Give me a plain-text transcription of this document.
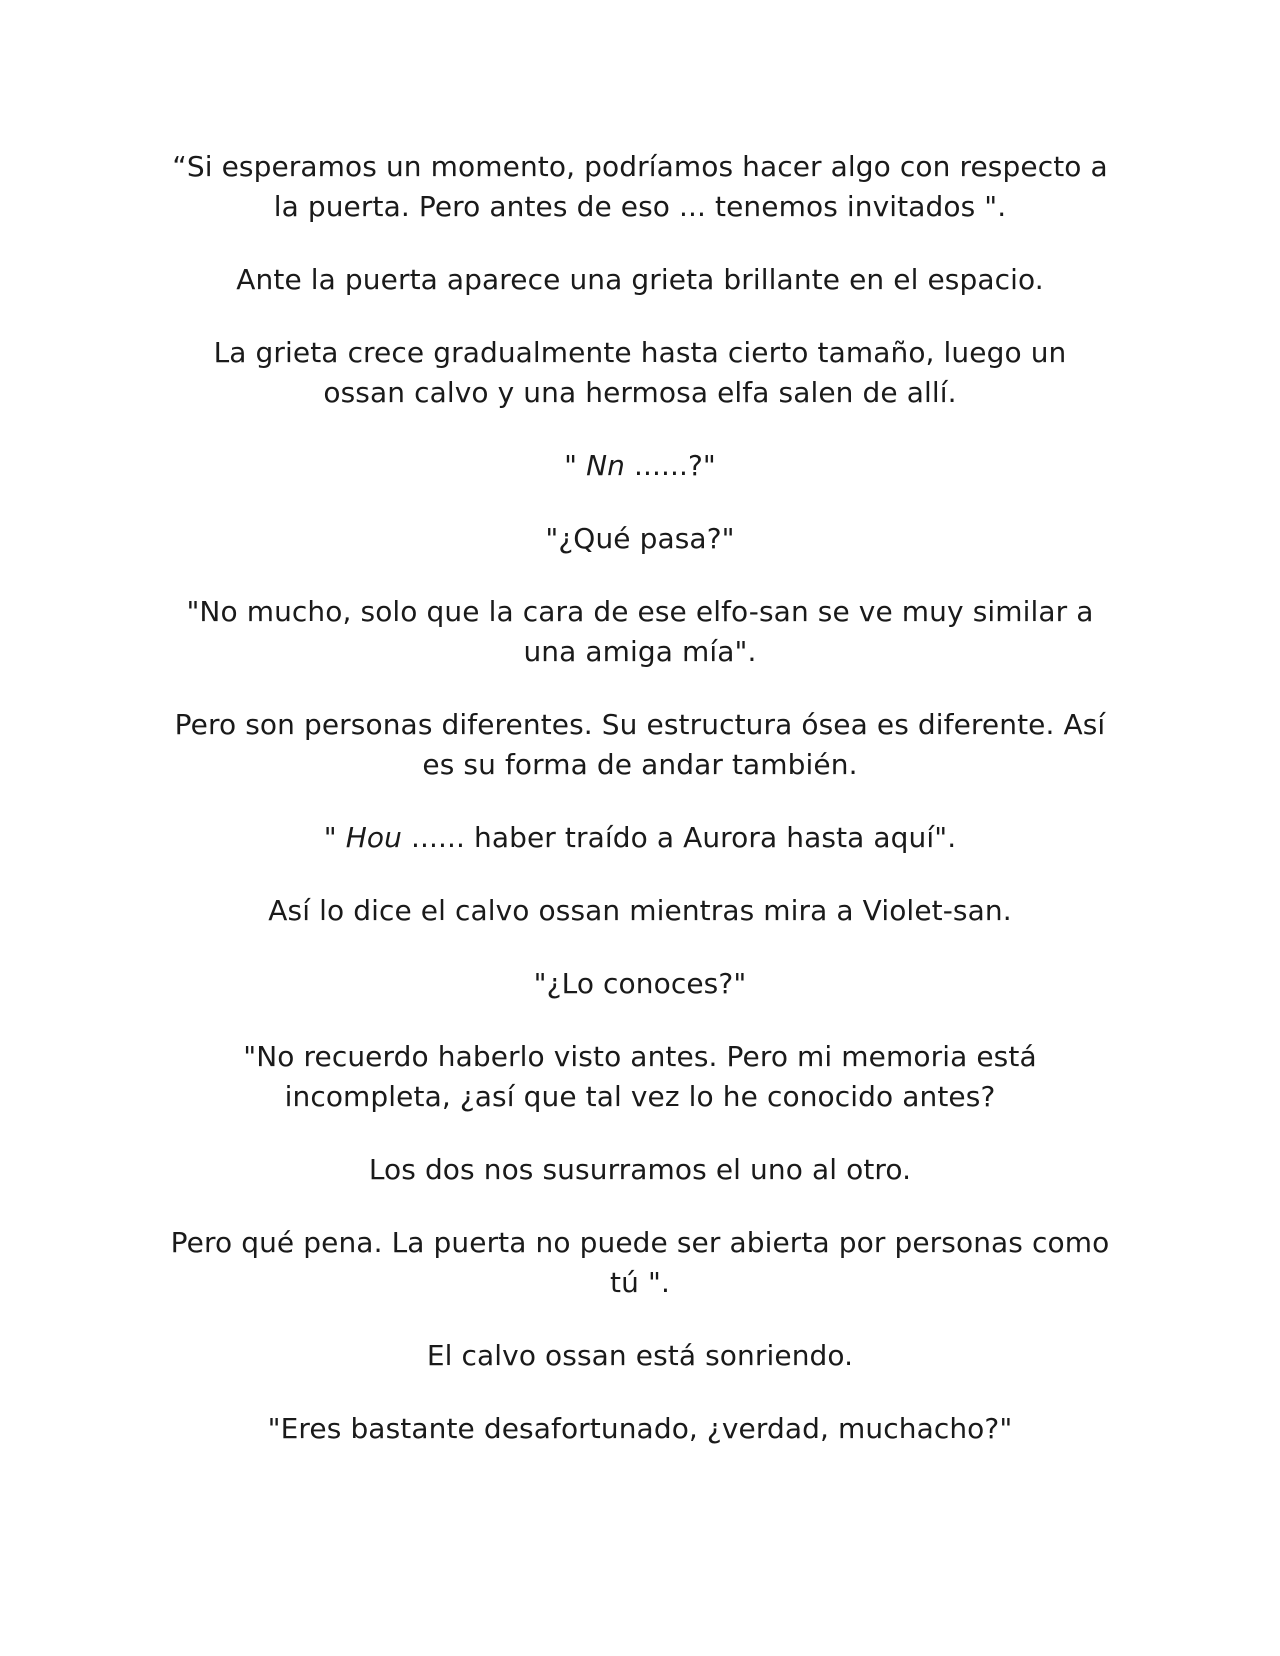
“Si esperamos un momento, podríamos hacer algo con respecto a la puerta. Pero antes de eso ... tenemos invitados ".

Ante la puerta aparece una grieta brillante en el espacio.

La grieta crece gradualmente hasta cierto tamaño, luego un ossan calvo y una hermosa elfa salen de allí.

" Nn ......?"

"¿Qué pasa?"

"No mucho, solo que la cara de ese elfo-san se ve muy similar a una amiga mía".

Pero son personas diferentes. Su estructura ósea es diferente. Así es su forma de andar también.

" Hou ...... haber traído a Aurora hasta aquí".

Así lo dice el calvo ossan mientras mira a Violet-san.

"¿Lo conoces?"

"No recuerdo haberlo visto antes. Pero mi memoria está incompleta, ¿así que tal vez lo he conocido antes?

Los dos nos susurramos el uno al otro.

Pero qué pena. La puerta no puede ser abierta por personas como tú ".

El calvo ossan está sonriendo.

"Eres bastante desafortunado, ¿verdad, muchacho?"
